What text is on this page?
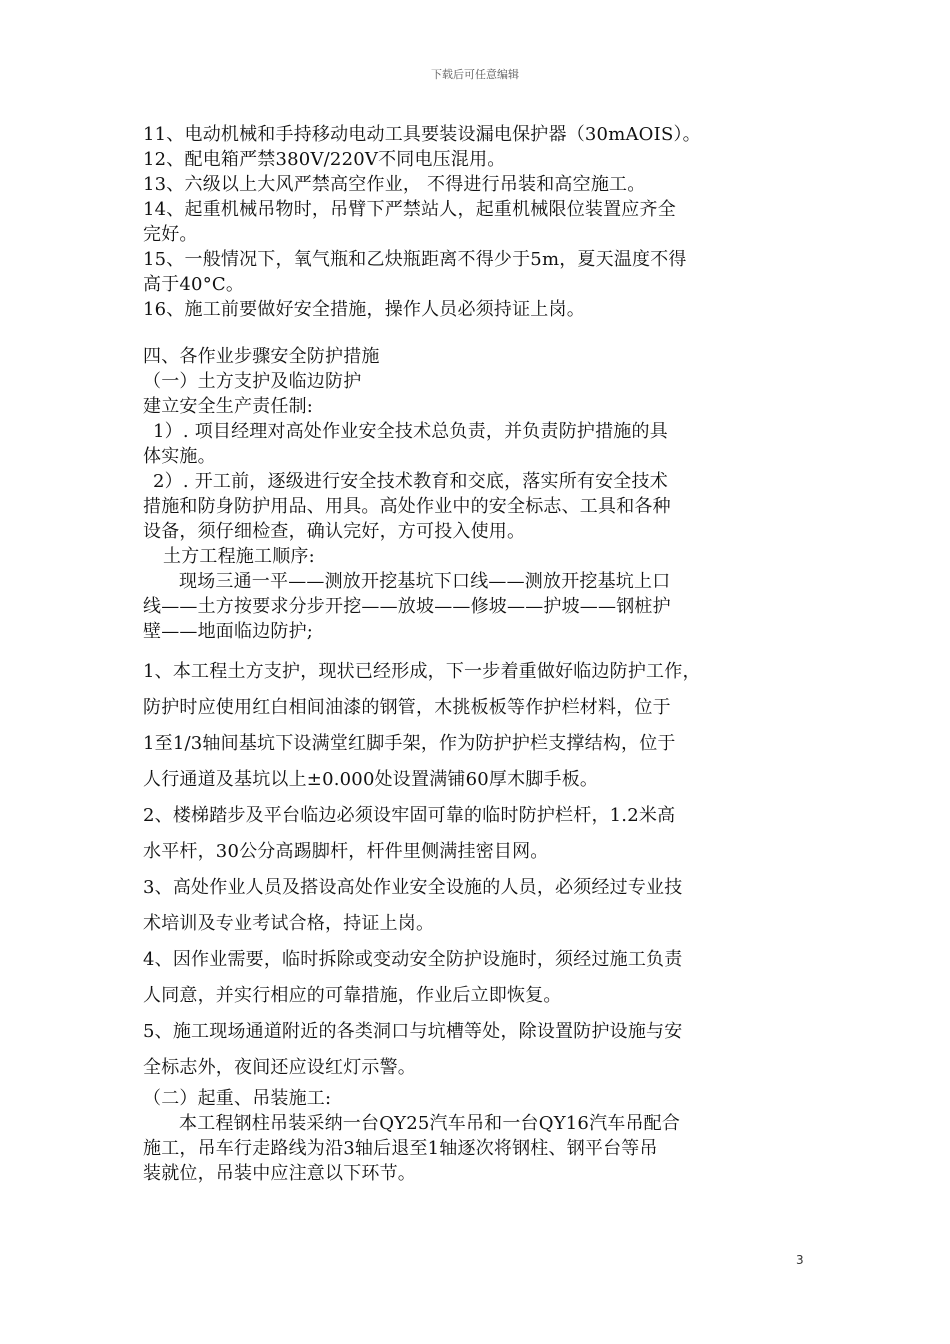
下载后可任意编辑

11、电动机械和手持移动电动工具要装设漏电保护器（30mAOIS）。

12、配电箱严禁380V/220V不同电压混用。

13、六级以上大风严禁高空作业， 不得进行吊装和高空施工。

14、起重机械吊物时，吊臂下严禁站人，起重机械限位装置应齐全

完好。

15、一般情况下，氧气瓶和乙炔瓶距离不得少于5m，夏天温度不得

高于40°C。

16、施工前要做好安全措施，操作人员必须持证上岗。

四、各作业步骤安全防护措施

（一）土方支护及临边防护

建立安全生产责任制:

1）. 项目经理对高处作业安全技术总负责，并负责防护措施的具

体实施。

2）. 开工前，逐级进行安全技术教育和交底，落实所有安全技术

措施和防身防护用品、用具。高处作业中的安全标志、工具和各种

设备，须仔细检查，确认完好，方可投入使用。

土方工程施工顺序:

现场三通一平——测放开挖基坑下口线——测放开挖基坑上口

线——土方按要求分步开挖——放坡——修坡——护坡——钢桩护

壁——地面临边防护;

1、本工程土方支护，现状已经形成，下一步着重做好临边防护工作，

防护时应使用红白相间油漆的钢管，木挑板板等作护栏材料，位于

1至1/3轴间基坑下设满堂红脚手架，作为防护护栏支撑结构，位于

人行通道及基坑以上±0.000处设置满铺60厚木脚手板。

2、楼梯踏步及平台临边必须设牢固可靠的临时防护栏杆，1.2米高

水平杆，30公分高踢脚杆，杆件里侧满挂密目网。

3、高处作业人员及搭设高处作业安全设施的人员，必须经过专业技

术培训及专业考试合格，持证上岗。

4、因作业需要，临时拆除或变动安全防护设施时，须经过施工负责

人同意，并实行相应的可靠措施，作业后立即恢复。

5、施工现场通道附近的各类洞口与坑槽等处，除设置防护设施与安

全标志外，夜间还应设红灯示警。

（二）起重、吊装施工:

本工程钢柱吊装采纳一台QY25汽车吊和一台QY16汽车吊配合

施工，吊车行走路线为沿3轴后退至1轴逐次将钢柱、钢平台等吊

装就位，吊装中应注意以下环节。

3
